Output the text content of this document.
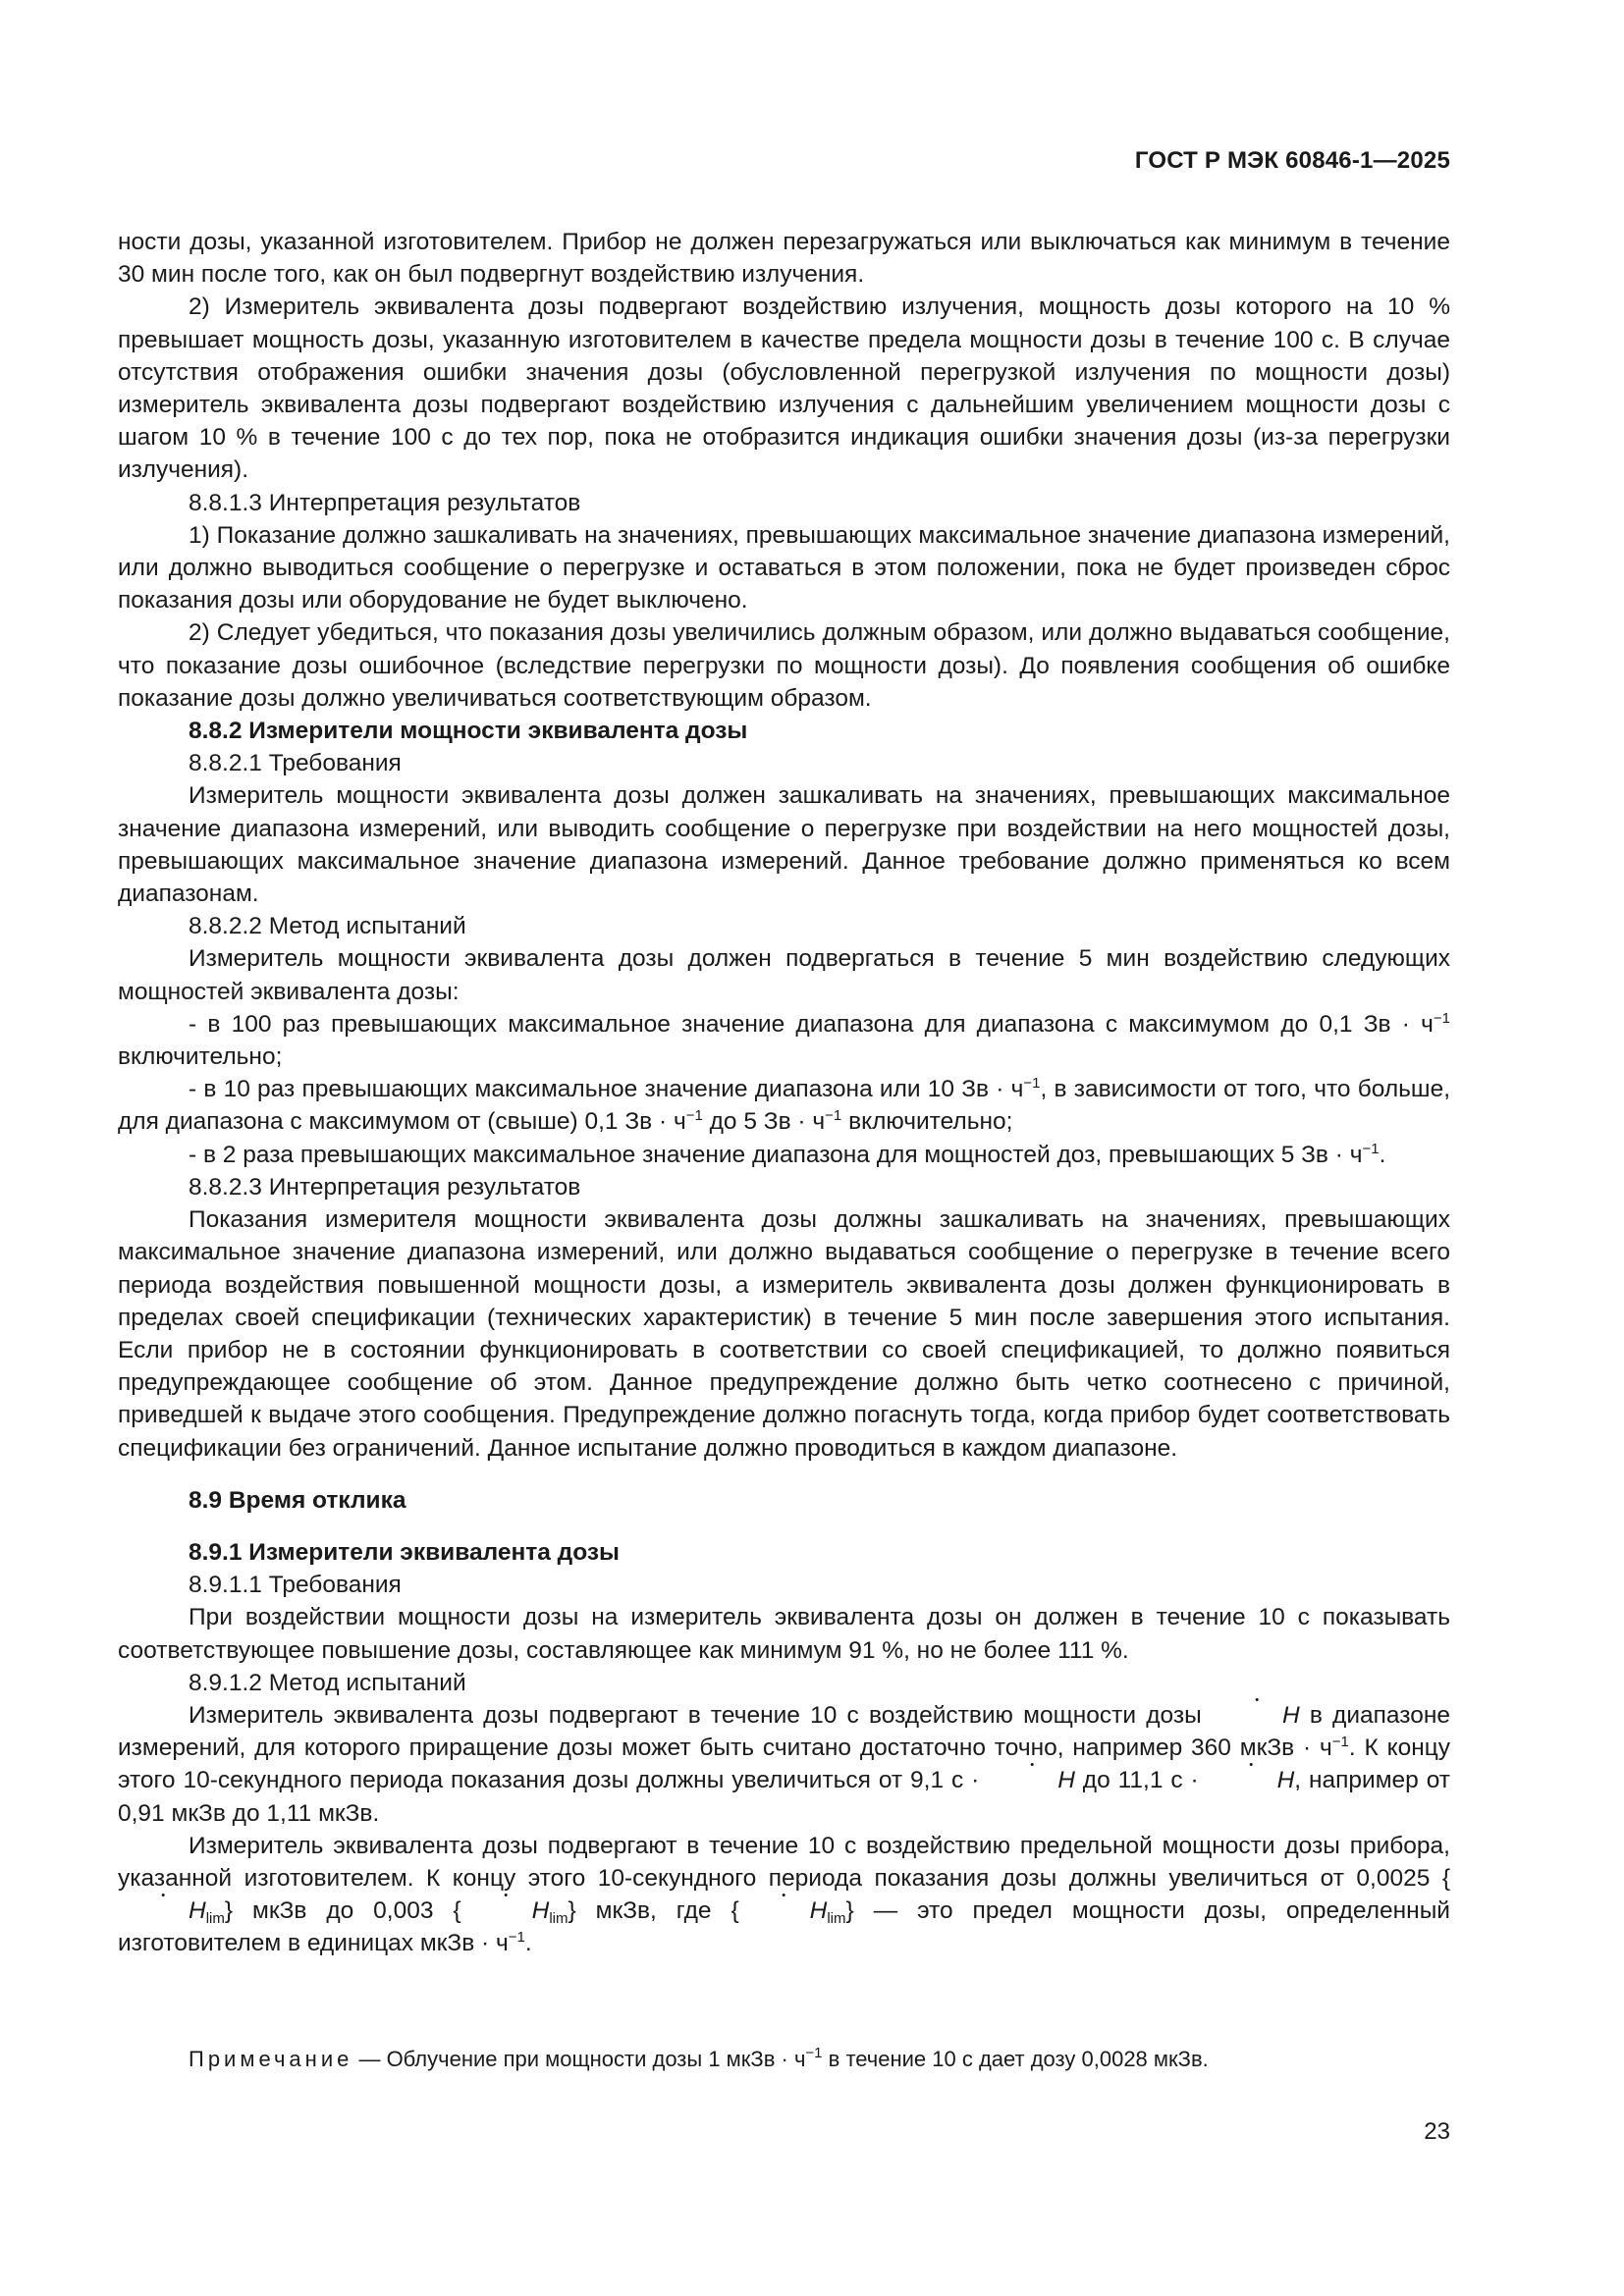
ГОСТ Р МЭК 60846-1—2025

ности дозы, указанной изготовителем. Прибор не должен перезагружаться или выключаться как минимум в течение 30 мин после того, как он был подвергнут воздействию излучения.

2) Измеритель эквивалента дозы подвергают воздействию излучения, мощность дозы которого на 10 % превышает мощность дозы, указанную изготовителем в качестве предела мощности дозы в течение 100 с. В случае отсутствия отображения ошибки значения дозы (обусловленной перегрузкой излучения по мощности дозы) измеритель эквивалента дозы подвергают воздействию излучения с дальнейшим увеличением мощности дозы с шагом 10 % в течение 100 с до тех пор, пока не отобразится индикация ошибки значения дозы (из-за перегрузки излучения).

8.8.1.3 Интерпретация результатов

1) Показание должно зашкаливать на значениях, превышающих максимальное значение диапазона измерений, или должно выводиться сообщение о перегрузке и оставаться в этом положении, пока не будет произведен сброс показания дозы или оборудование не будет выключено.

2) Следует убедиться, что показания дозы увеличились должным образом, или должно выдаваться сообщение, что показание дозы ошибочное (вследствие перегрузки по мощности дозы). До появления сообщения об ошибке показание дозы должно увеличиваться соответствующим образом.

8.8.2 Измерители мощности эквивалента дозы

8.8.2.1 Требования

Измеритель мощности эквивалента дозы должен зашкаливать на значениях, превышающих максимальное значение диапазона измерений, или выводить сообщение о перегрузке при воздействии на него мощностей дозы, превышающих максимальное значение диапазона измерений. Данное требование должно применяться ко всем диапазонам.

8.8.2.2 Метод испытаний

Измеритель мощности эквивалента дозы должен подвергаться в течение 5 мин воздействию следующих мощностей эквивалента дозы:

- в 100 раз превышающих максимальное значение диапазона для диапазона с максимумом до 0,1 Зв · $ч^{-1}$ включительно;

- в 10 раз превышающих максимальное значение диапазона или 10 Зв · $ч^{-1}$, в зависимости от того, что больше, для диапазона с максимумом от (свыше) 0,1 Зв · $ч^{-1}$ до 5 Зв · $ч^{-1}$ включительно;

- в 2 раза превышающих максимальное значение диапазона для мощностей доз, превышающих 5 Зв · $ч^{-1}$.

8.8.2.3 Интерпретация результатов

Показания измерителя мощности эквивалента дозы должны зашкаливать на значениях, превышающих максимальное значение диапазона измерений, или должно выдаваться сообщение о перегрузке в течение всего периода воздействия повышенной мощности дозы, а измеритель эквивалента дозы должен функционировать в пределах своей спецификации (технических характеристик) в течение 5 мин после завершения этого испытания. Если прибор не в состоянии функционировать в соответствии со своей спецификацией, то должно появиться предупреждающее сообщение об этом. Данное предупреждение должно быть четко соотнесено с причиной, приведшей к выдаче этого сообщения. Предупреждение должно погаснуть тогда, когда прибор будет соответствовать спецификации без ограничений. Данное испытание должно проводиться в каждом диапазоне.

8.9 Время отклика

8.9.1 Измерители эквивалента дозы

8.9.1.1 Требования

При воздействии мощности дозы на измеритель эквивалента дозы он должен в течение 10 с показывать соответствующее повышение дозы, составляющее как минимум 91 %, но не более 111 %.

8.9.1.2 Метод испытаний

Измеритель эквивалента дозы подвергают в течение 10 с воздействию мощности дозы	H в диапазоне измерений, для которого приращение дозы может быть считано достаточно точно, например 360 мкЗв · $ч^{-1}$. К концу этого 10-секундного периода показания дозы должны увеличиться от 9,1 с ·	H до 11,1 с ·	H, например от 0,91 мкЗв до 1,11 мкЗв.

Измеритель эквивалента дозы подвергают в течение 10 с воздействию предельной мощности дозы прибора, указанной изготовителем. К концу этого 10-секундного периода показания дозы должны увеличиться от 0,0025 $\{H_{lim}\}$ мкЗв до 0,003 {	$H_{lim}$} мкЗв, где {	$H_{lim}$} — это предел мощности дозы, определенный изготовителем в единицах мкЗв · $ч^{-1}$.

Примечание — Облучение при мощности дозы 1 мкЗв · $ч^{-1}$ в течение 10 с дает дозу 0,0028 мкЗв.
23
